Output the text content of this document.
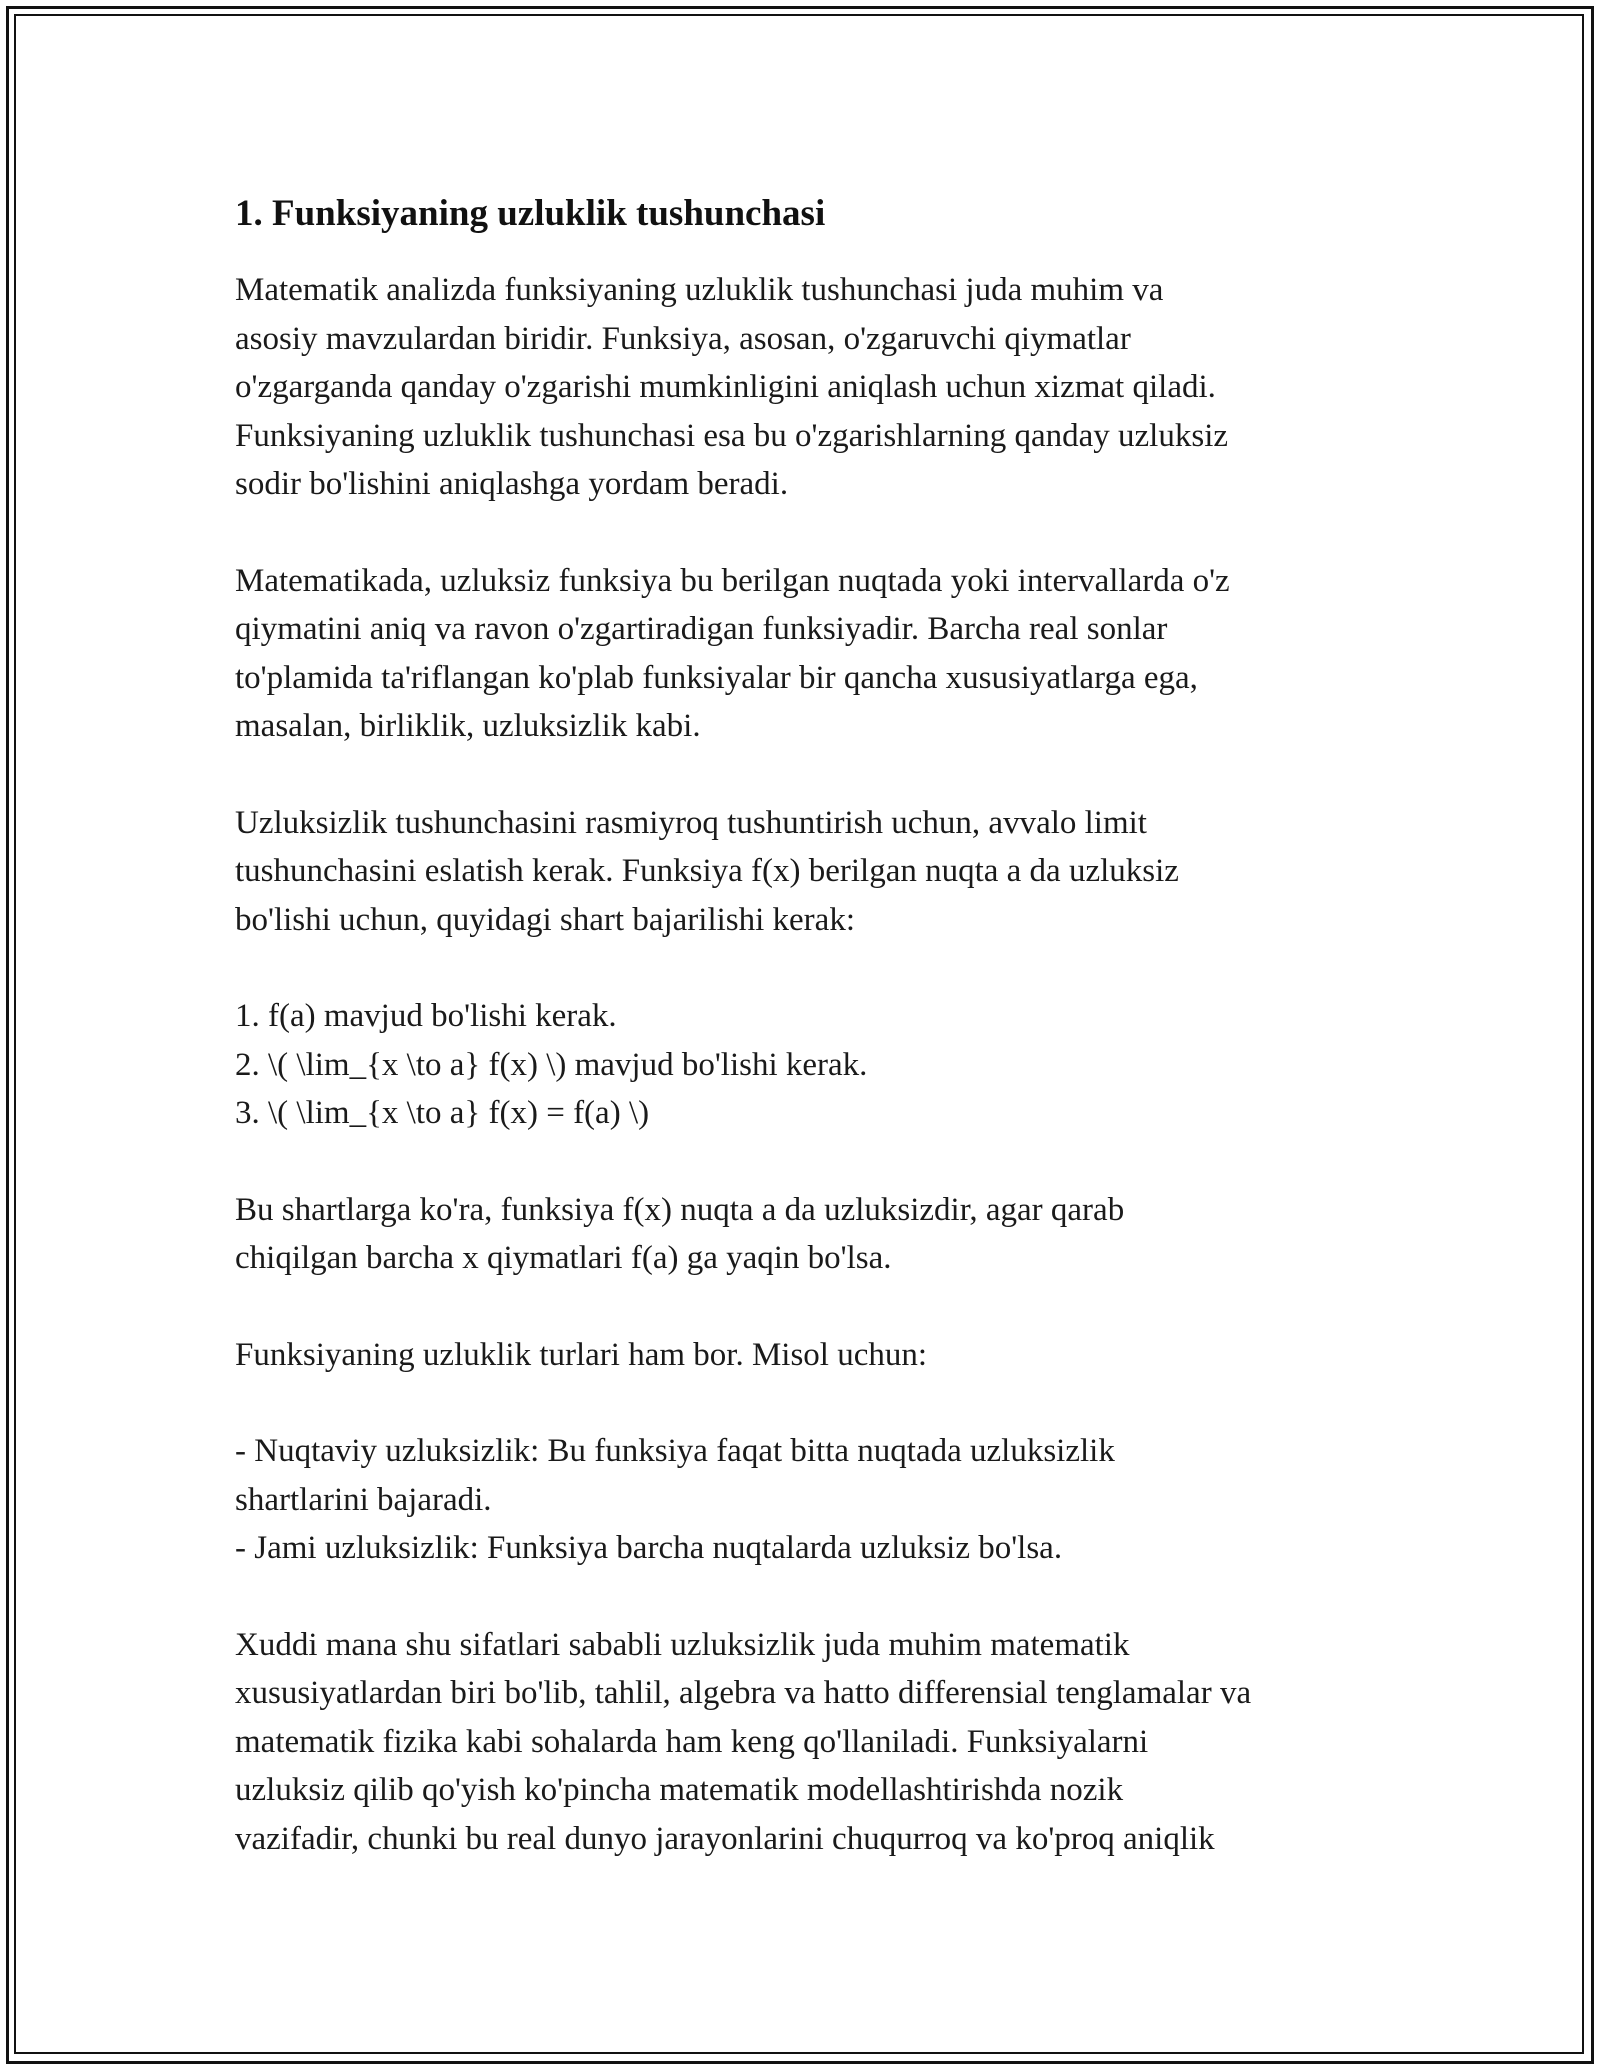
1. Funksiyaning uzluklik tushunchasi

Matematik analizda funksiyaning uzluklik tushunchasi juda muhim va
asosiy mavzulardan biridir. Funksiya, asosan, o'zgaruvchi qiymatlar
o'zgarganda qanday o'zgarishi mumkinligini aniqlash uchun xizmat qiladi.
Funksiyaning uzluklik tushunchasi esa bu o'zgarishlarning qanday uzluksiz
sodir bo'lishini aniqlashga yordam beradi.

Matematikada, uzluksiz funksiya bu berilgan nuqtada yoki intervallarda o'z
qiymatini aniq va ravon o'zgartiradigan funksiyadir. Barcha real sonlar
to'plamida ta'riflangan ko'plab funksiyalar bir qancha xususiyatlarga ega,
masalan, birliklik, uzluksizlik kabi.

Uzluksizlik tushunchasini rasmiyroq tushuntirish uchun, avvalo limit
tushunchasini eslatish kerak. Funksiya f(x) berilgan nuqta a da uzluksiz
bo'lishi uchun, quyidagi shart bajarilishi kerak:

1. f(a) mavjud bo'lishi kerak.
2. \( \lim_{x \to a} f(x) \) mavjud bo'lishi kerak.
3. \( \lim_{x \to a} f(x) = f(a) \)

Bu shartlarga ko'ra, funksiya f(x) nuqta a da uzluksizdir, agar qarab
chiqilgan barcha x qiymatlari f(a) ga yaqin bo'lsa.

Funksiyaning uzluklik turlari ham bor. Misol uchun:

- Nuqtaviy uzluksizlik: Bu funksiya faqat bitta nuqtada uzluksizlik
shartlarini bajaradi.
- Jami uzluksizlik: Funksiya barcha nuqtalarda uzluksiz bo'lsa.

Xuddi mana shu sifatlari sababli uzluksizlik juda muhim matematik
xususiyatlardan biri bo'lib, tahlil, algebra va hatto differensial tenglamalar va
matematik fizika kabi sohalarda ham keng qo'llaniladi. Funksiyalarni
uzluksiz qilib qo'yish ko'pincha matematik modellashtirishda nozik
vazifadir, chunki bu real dunyo jarayonlarini chuqurroq va ko'proq aniqlik
